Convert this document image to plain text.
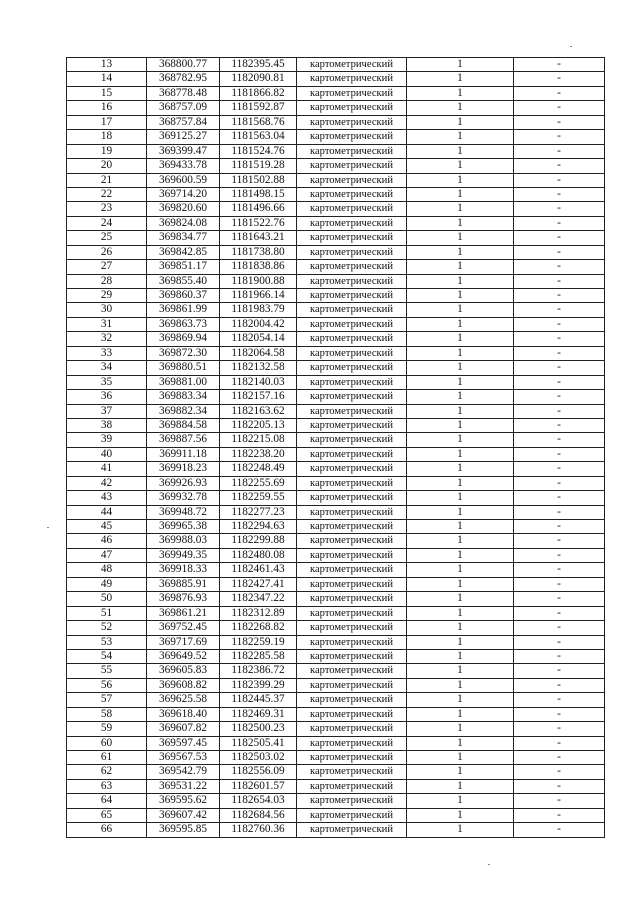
13	368800.77	1182395.45	картометрический	1	-
14	368782.95	1182090.81	картометрический	1	-
15	368778.48	1181866.82	картометрический	1	-
16	368757.09	1181592.87	картометрический	1	-
17	368757.84	1181568.76	картометрический	1	-
18	369125.27	1181563.04	картометрический	1	-
19	369399.47	1181524.76	картометрический	1	-
20	369433.78	1181519.28	картометрический	1	-
21	369600.59	1181502.88	картометрический	1	-
22	369714.20	1181498.15	картометрический	1	-
23	369820.60	1181496.66	картометрический	1	-
24	369824.08	1181522.76	картометрический	1	-
25	369834.77	1181643.21	картометрический	1	-
26	369842.85	1181738.80	картометрический	1	-
27	369851.17	1181838.86	картометрический	1	-
28	369855.40	1181900.88	картометрический	1	-
29	369860.37	1181966.14	картометрический	1	-
30	369861.99	1181983.79	картометрический	1	-
31	369863.73	1182004.42	картометрический	1	-
32	369869.94	1182054.14	картометрический	1	-
33	369872.30	1182064.58	картометрический	1	-
34	369880.51	1182132.58	картометрический	1	-
35	369881.00	1182140.03	картометрический	1	-
36	369883.34	1182157.16	картометрический	1	-
37	369882.34	1182163.62	картометрический	1	-
38	369884.58	1182205.13	картометрический	1	-
39	369887.56	1182215.08	картометрический	1	-
40	369911.18	1182238.20	картометрический	1	-
41	369918.23	1182248.49	картометрический	1	-
42	369926.93	1182255.69	картометрический	1	-
43	369932.78	1182259.55	картометрический	1	-
44	369948.72	1182277.23	картометрический	1	-
45	369965.38	1182294.63	картометрический	1	-
46	369988.03	1182299.88	картометрический	1	-
47	369949.35	1182480.08	картометрический	1	-
48	369918.33	1182461.43	картометрический	1	-
49	369885.91	1182427.41	картометрический	1	-
50	369876.93	1182347.22	картометрический	1	-
51	369861.21	1182312.89	картометрический	1	-
52	369752.45	1182268.82	картометрический	1	-
53	369717.69	1182259.19	картометрический	1	-
54	369649.52	1182285.58	картометрический	1	-
55	369605.83	1182386.72	картометрический	1	-
56	369608.82	1182399.29	картометрический	1	-
57	369625.58	1182445.37	картометрический	1	-
58	369618.40	1182469.31	картометрический	1	-
59	369607.82	1182500.23	картометрический	1	-
60	369597.45	1182505.41	картометрический	1	-
61	369567.53	1182503.02	картометрический	1	-
62	369542.79	1182556.09	картометрический	1	-
63	369531.22	1182601.57	картометрический	1	-
64	369595.62	1182654.03	картометрический	1	-
65	369607.42	1182684.56	картометрический	1	-
66	369595.85	1182760.36	картометрический	1	-
